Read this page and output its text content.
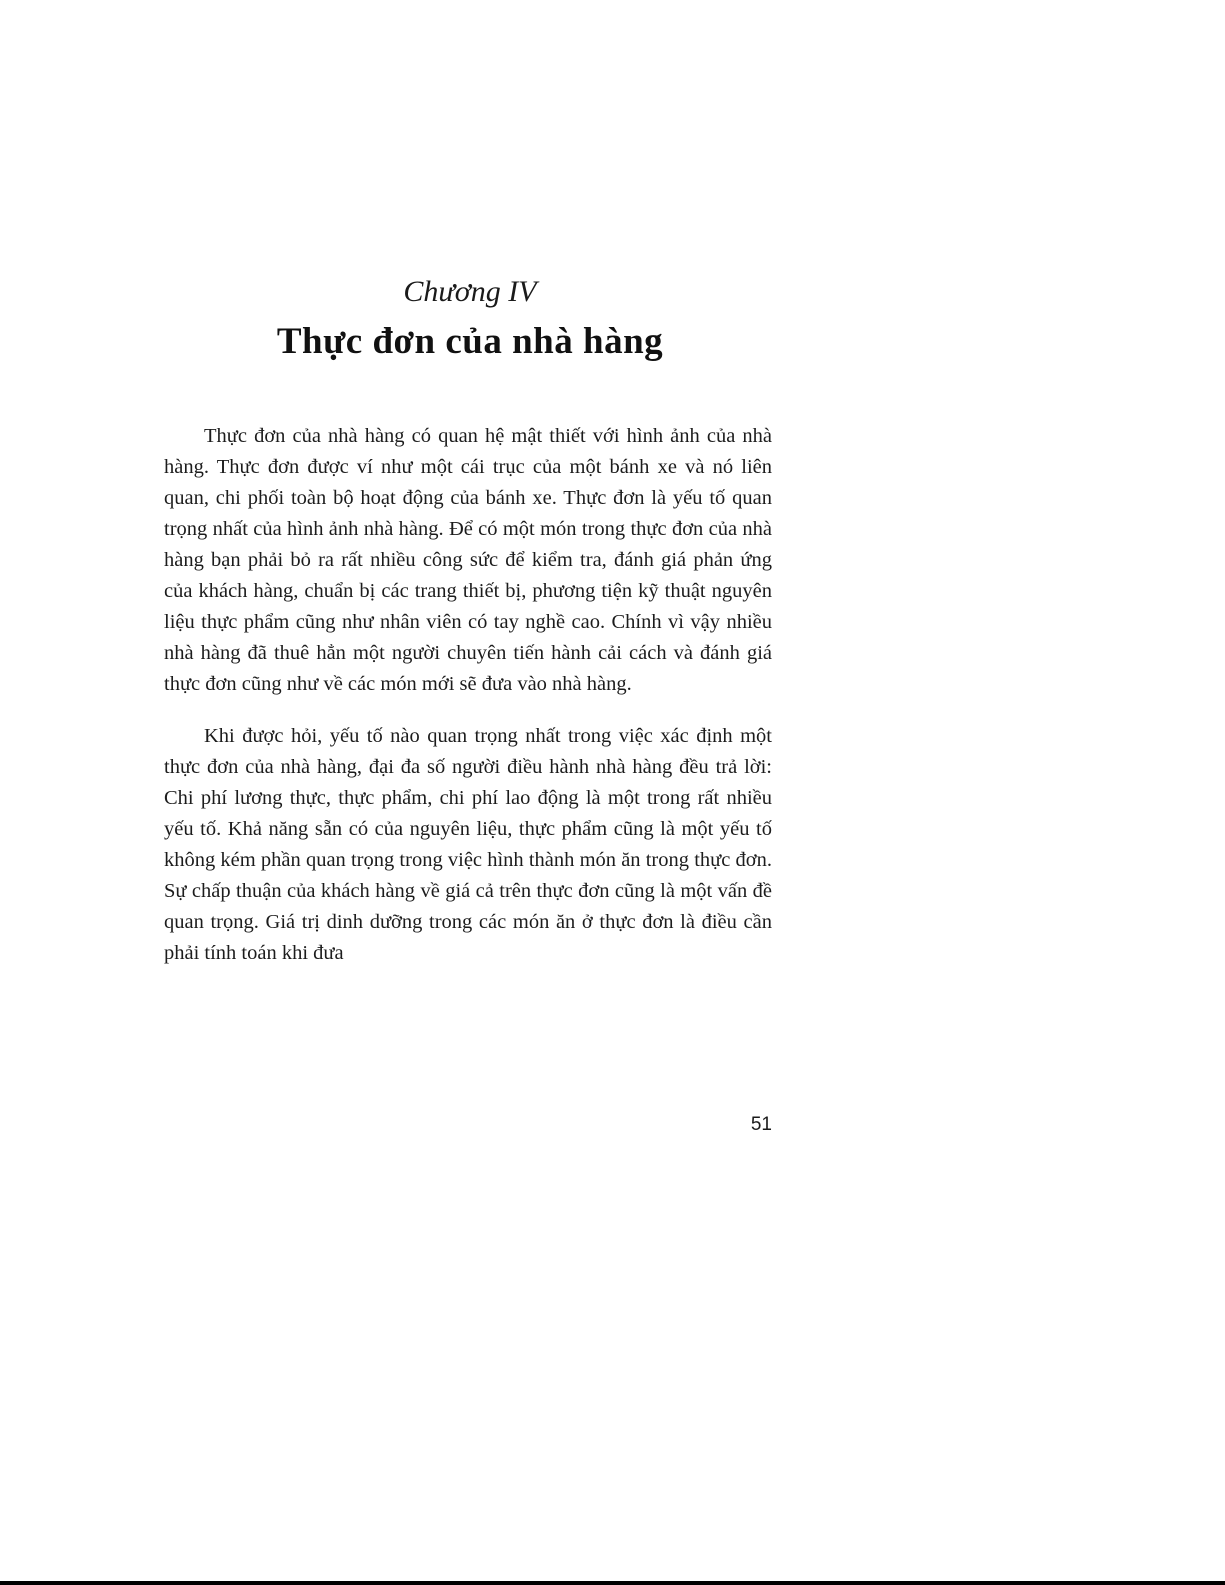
Chương IV
Thực đơn của nhà hàng

Thực đơn của nhà hàng có quan hệ mật thiết với hình ảnh của nhà hàng. Thực đơn được ví như một cái trục của một bánh xe và nó liên quan, chi phối toàn bộ hoạt động của bánh xe. Thực đơn là yếu tố quan trọng nhất của hình ảnh nhà hàng. Để có một món trong thực đơn của nhà hàng bạn phải bỏ ra rất nhiều công sức để kiểm tra, đánh giá phản ứng của khách hàng, chuẩn bị các trang thiết bị, phương tiện kỹ thuật nguyên liệu thực phẩm cũng như nhân viên có tay nghề cao. Chính vì vậy nhiều nhà hàng đã thuê hẳn một người chuyên tiến hành cải cách và đánh giá thực đơn cũng như về các món mới sẽ đưa vào nhà hàng.

Khi được hỏi, yếu tố nào quan trọng nhất trong việc xác định một thực đơn của nhà hàng, đại đa số người điều hành nhà hàng đều trả lời: Chi phí lương thực, thực phẩm, chi phí lao động là một trong rất nhiều yếu tố. Khả năng sẵn có của nguyên liệu, thực phẩm cũng là một yếu tố không kém phần quan trọng trong việc hình thành món ăn trong thực đơn. Sự chấp thuận của khách hàng về giá cả trên thực đơn cũng là một vấn đề quan trọng. Giá trị dinh dưỡng trong các món ăn ở thực đơn là điều cần phải tính toán khi đưa

51
